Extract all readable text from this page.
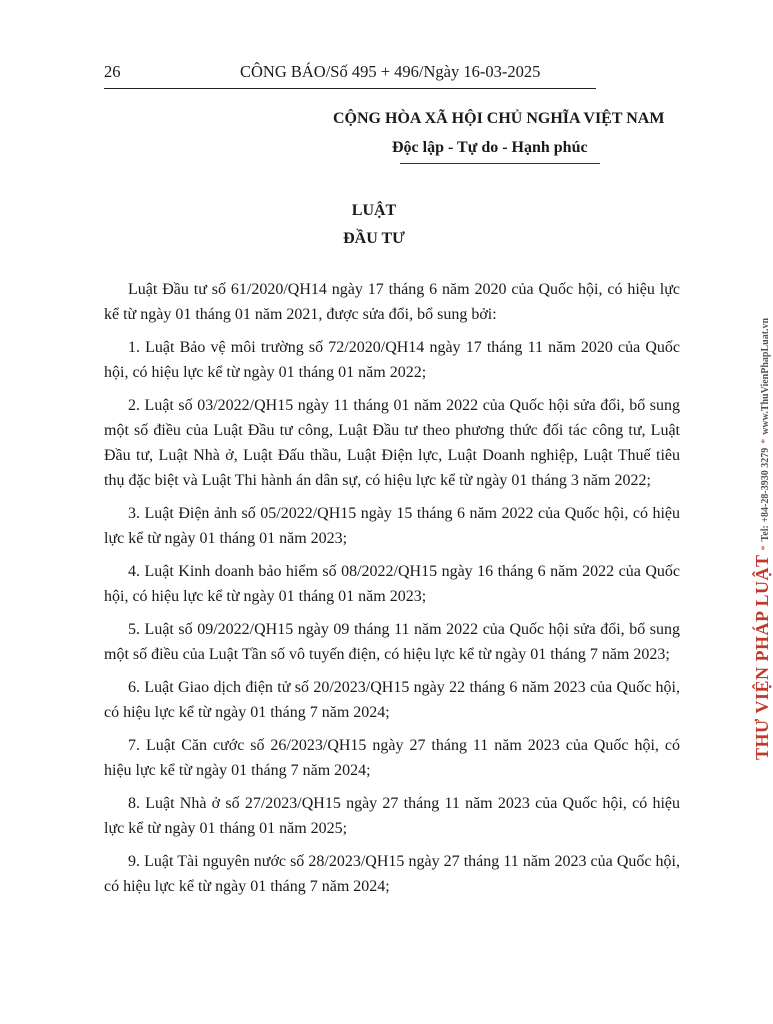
26	CÔNG BÁO/Số 495 + 496/Ngày 16-03-2025
CỘNG HÒA XÃ HỘI CHỦ NGHĨA VIỆT NAM
Độc lập - Tự do - Hạnh phúc
LUẬT
ĐẦU TƯ

Luật Đầu tư số 61/2020/QH14 ngày 17 tháng 6 năm 2020 của Quốc hội, có hiệu lực kể từ ngày 01 tháng 01 năm 2021, được sửa đổi, bổ sung bởi:

1. Luật Bảo vệ môi trường số 72/2020/QH14 ngày 17 tháng 11 năm 2020 của Quốc hội, có hiệu lực kể từ ngày 01 tháng 01 năm 2022;

2. Luật số 03/2022/QH15 ngày 11 tháng 01 năm 2022 của Quốc hội sửa đổi, bổ sung một số điều của Luật Đầu tư công, Luật Đầu tư theo phương thức đối tác công tư, Luật Đầu tư, Luật Nhà ở, Luật Đấu thầu, Luật Điện lực, Luật Doanh nghiệp, Luật Thuế tiêu thụ đặc biệt và Luật Thi hành án dân sự, có hiệu lực kể từ ngày 01 tháng 3 năm 2022;

3. Luật Điện ảnh số 05/2022/QH15 ngày 15 tháng 6 năm 2022 của Quốc hội, có hiệu lực kể từ ngày 01 tháng 01 năm 2023;

4. Luật Kinh doanh bảo hiểm số 08/2022/QH15 ngày 16 tháng 6 năm 2022 của Quốc hội, có hiệu lực kể từ ngày 01 tháng 01 năm 2023;

5. Luật số 09/2022/QH15 ngày 09 tháng 11 năm 2022 của Quốc hội sửa đổi, bổ sung một số điều của Luật Tần số vô tuyến điện, có hiệu lực kể từ ngày 01 tháng 7 năm 2023;

6. Luật Giao dịch điện tử số 20/2023/QH15 ngày 22 tháng 6 năm 2023 của Quốc hội, có hiệu lực kể từ ngày 01 tháng 7 năm 2024;

7. Luật Căn cước số 26/2023/QH15 ngày 27 tháng 11 năm 2023 của Quốc hội, có hiệu lực kể từ ngày 01 tháng 7 năm 2024;

8. Luật Nhà ở số 27/2023/QH15 ngày 27 tháng 11 năm 2023 của Quốc hội, có hiệu lực kể từ ngày 01 tháng 01 năm 2025;

9. Luật Tài nguyên nước số 28/2023/QH15 ngày 27 tháng 11 năm 2023 của Quốc hội, có hiệu lực kể từ ngày 01 tháng 7 năm 2024;

THƯ VIỆN PHÁP LUẬT * Tel: +84-28-3930 3279 * www.ThuVienPhapLuat.vn
